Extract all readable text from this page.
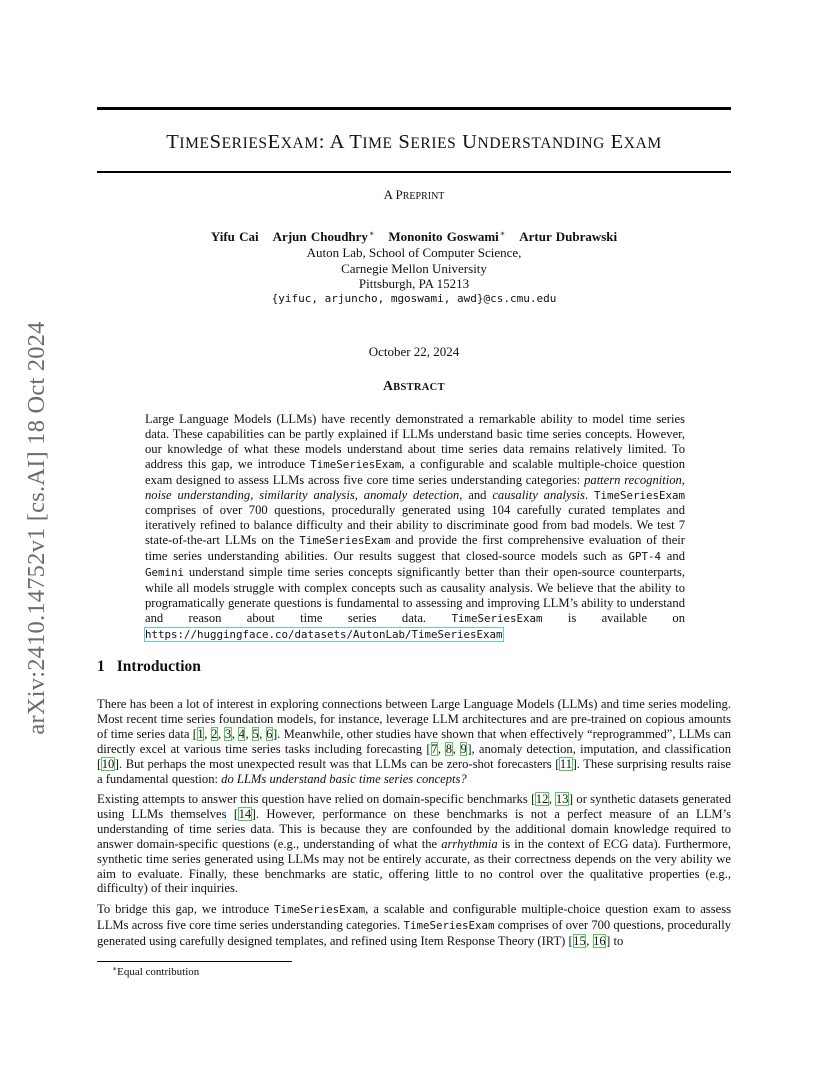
arXiv:2410.14752v1 [cs.AI] 18 Oct 2024
TIMESERIESEXAM: A TIME SERIES UNDERSTANDING EXAM
A PREPRINT
Yifu Cai Arjun Choudhry∗ Mononito Goswami∗ Artur Dubrawski
Auton Lab, School of Computer Science,
Carnegie Mellon University
Pittsburgh, PA 15213
{yifuc, arjuncho, mgoswami, awd}@cs.cmu.edu
October 22, 2024
ABSTRACT
Large Language Models (LLMs) have recently demonstrated a remarkable ability to model time series data. These capabilities can be partly explained if LLMs understand basic time series concepts. However, our knowledge of what these models understand about time series data remains relatively limited. To address this gap, we introduce TimeSeriesExam, a configurable and scalable multiple-choice question exam designed to assess LLMs across five core time series understanding categories: pattern recognition, noise understanding, similarity analysis, anomaly detection, and causality analysis. TimeSeriesExam comprises of over 700 questions, procedurally generated using 104 carefully curated templates and iteratively refined to balance difficulty and their ability to discriminate good from bad models. We test 7 state-of-the-art LLMs on the TimeSeriesExam and provide the first comprehensive evaluation of their time series understanding abilities. Our results suggest that closed-source models such as GPT-4 and Gemini understand simple time series concepts significantly better than their open-source counterparts, while all models struggle with complex concepts such as causality analysis. We believe that the ability to programatically generate questions is fundamental to assessing and improving LLM’s ability to understand and reason about time series data. TimeSeriesExam is available on https://huggingface.co/datasets/AutonLab/TimeSeriesExam
1 Introduction

There has been a lot of interest in exploring connections between Large Language Models (LLMs) and time series modeling. Most recent time series foundation models, for instance, leverage LLM architectures and are pre-trained on copious amounts of time series data [1, 2, 3, 4, 5, 6]. Meanwhile, other studies have shown that when effectively “reprogrammed”, LLMs can directly excel at various time series tasks including forecasting [7, 8, 9], anomaly detection, imputation, and classification [10]. But perhaps the most unexpected result was that LLMs can be zero-shot forecasters [11]. These surprising results raise a fundamental question: do LLMs understand basic time series concepts?

Existing attempts to answer this question have relied on domain-specific benchmarks [12, 13] or synthetic datasets generated using LLMs themselves [14]. However, performance on these benchmarks is not a perfect measure of an LLM’s understanding of time series data. This is because they are confounded by the additional domain knowledge required to answer domain-specific questions (e.g., understanding of what the arrhythmia is in the context of ECG data). Furthermore, synthetic time series generated using LLMs may not be entirely accurate, as their correctness depends on the very ability we aim to evaluate. Finally, these benchmarks are static, offering little to no control over the qualitative properties (e.g., difficulty) of their inquiries.

To bridge this gap, we introduce TimeSeriesExam, a scalable and configurable multiple-choice question exam to assess LLMs across five core time series understanding categories. TimeSeriesExam comprises of over 700 questions, procedurally generated using carefully designed templates, and refined using Item Response Theory (IRT) [15, 16] to

∗Equal contribution
